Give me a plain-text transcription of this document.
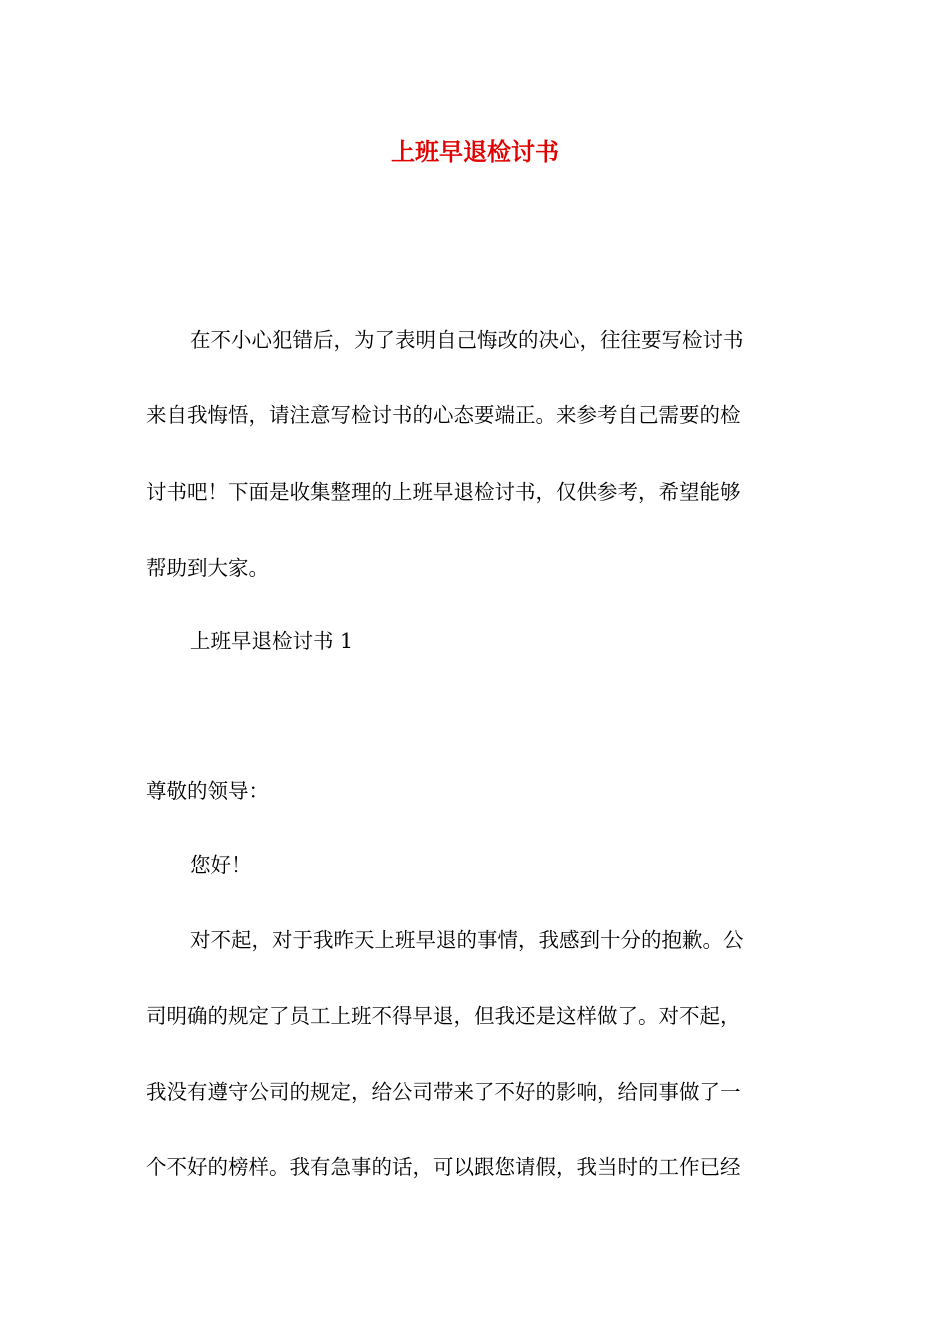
上班早退检讨书
在不小心犯错后，为了表明自己悔改的决心，往往要写检讨书
来自我悔悟，请注意写检讨书的心态要端正。来参考自己需要的检
讨书吧！下面是收集整理的上班早退检讨书，仅供参考，希望能够
帮助到大家。
上班早退检讨书 1
尊敬的领导：
您好！
对不起，对于我昨天上班早退的事情，我感到十分的抱歉。公
司明确的规定了员工上班不得早退，但我还是这样做了。对不起，
我没有遵守公司的规定，给公司带来了不好的影响，给同事做了一
个不好的榜样。我有急事的话，可以跟您请假，我当时的工作已经
